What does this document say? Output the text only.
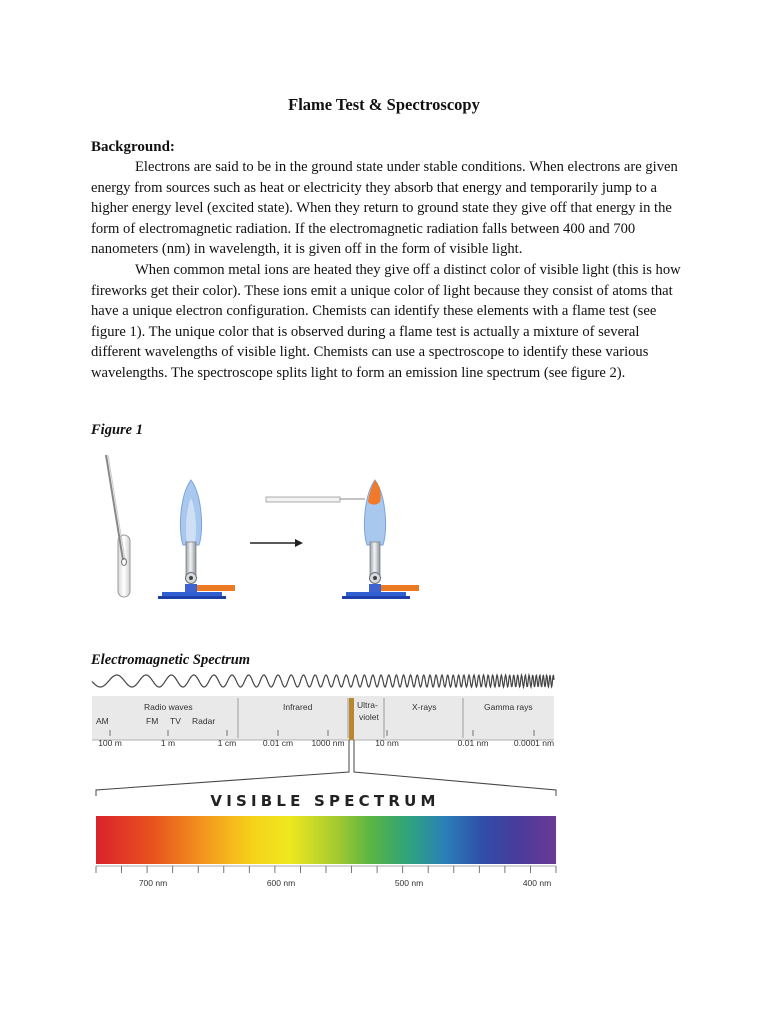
Flame Test & Spectroscopy
Background:

Electrons are said to be in the ground state under stable conditions. When electrons are given energy from sources such as heat or electricity they absorb that energy and temporarily jump to a higher energy level (excited state). When they return to ground state they give off that energy in the form of electromagnetic radiation. If the electromagnetic radiation falls between 400 and 700 nanometers (nm) in wavelength, it is given off in the form of visible light.

When common metal ions are heated they give off a distinct color of visible light (this is how fireworks get their color). These ions emit a unique color of light because they consist of atoms that have a unique electron configuration. Chemists can identify these elements with a flame test (see figure 1). The unique color that is observed during a flame test is actually a mixture of several different wavelengths of visible light. Chemists can use a spectroscope to identify these various wavelengths. The spectroscope splits light to form an emission line spectrum (see figure 2).

Figure 1
Electromagnetic Spectrum
Radio waves
AM	FM TV Radar
Infrared	Ultra-
violet
X-rays	Gamma rays
100 m	1 m	1 cm	0.01 cm 1000 nm	10 nm	0.01 nm	0.0001 nm
VISIBLE SPECTRUM
700 nm	600 nm	500 nm	400 nm
